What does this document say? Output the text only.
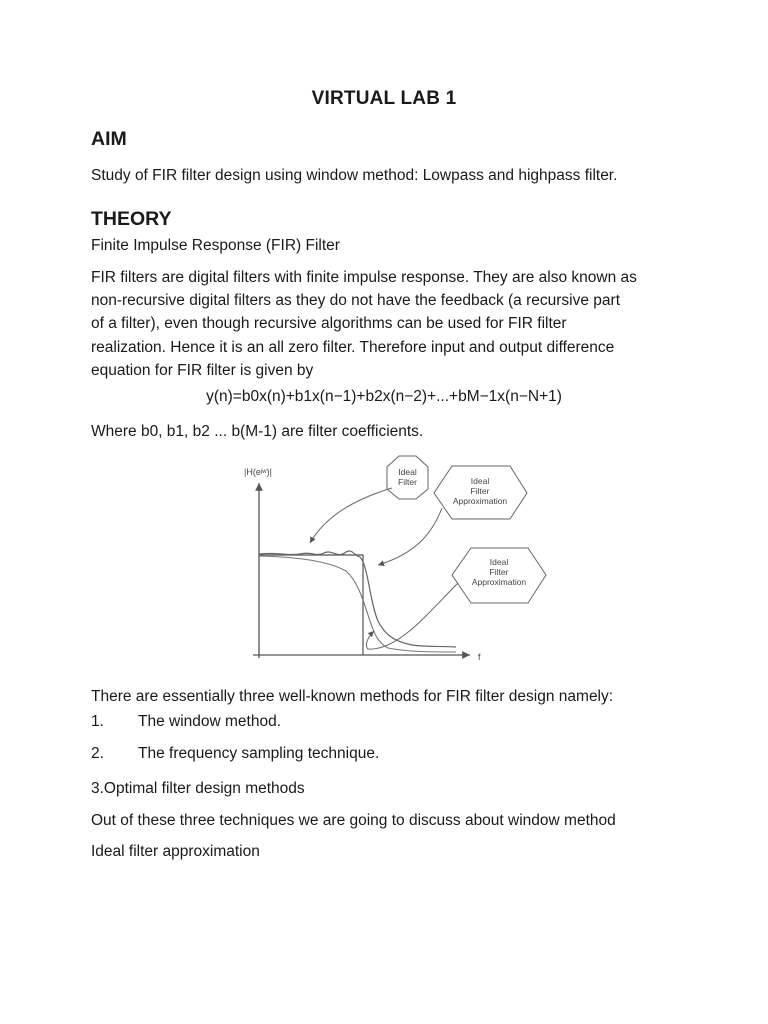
VIRTUAL LAB 1
AIM
Study of FIR filter design using window method: Lowpass and highpass filter.
THEORY
Finite Impulse Response (FIR) Filter
FIR filters are digital filters with finite impulse response. They are also known as
non-recursive digital filters as they do not have the feedback (a recursive part
of a filter), even though recursive algorithms can be used for FIR filter
realization. Hence it is an all zero filter. Therefore input and output difference
equation for FIR filter is given by
y(n)=b0x(n)+b1x(n−1)+b2x(n−2)+...+bM−1x(n−N+1)
Where b0, b1, b2 ... b(M-1) are filter coefficients.
|H(eʲʷ)|
f
Ideal
Filter	Ideal
Filter
Approximation
Ideal
Filter
Approximation
There are essentially three well-known methods for FIR filter design namely:
1. The window method.
2. The frequency sampling technique.
3.Optimal filter design methods
Out of these three techniques we are going to discuss about window method
Ideal filter approximation
